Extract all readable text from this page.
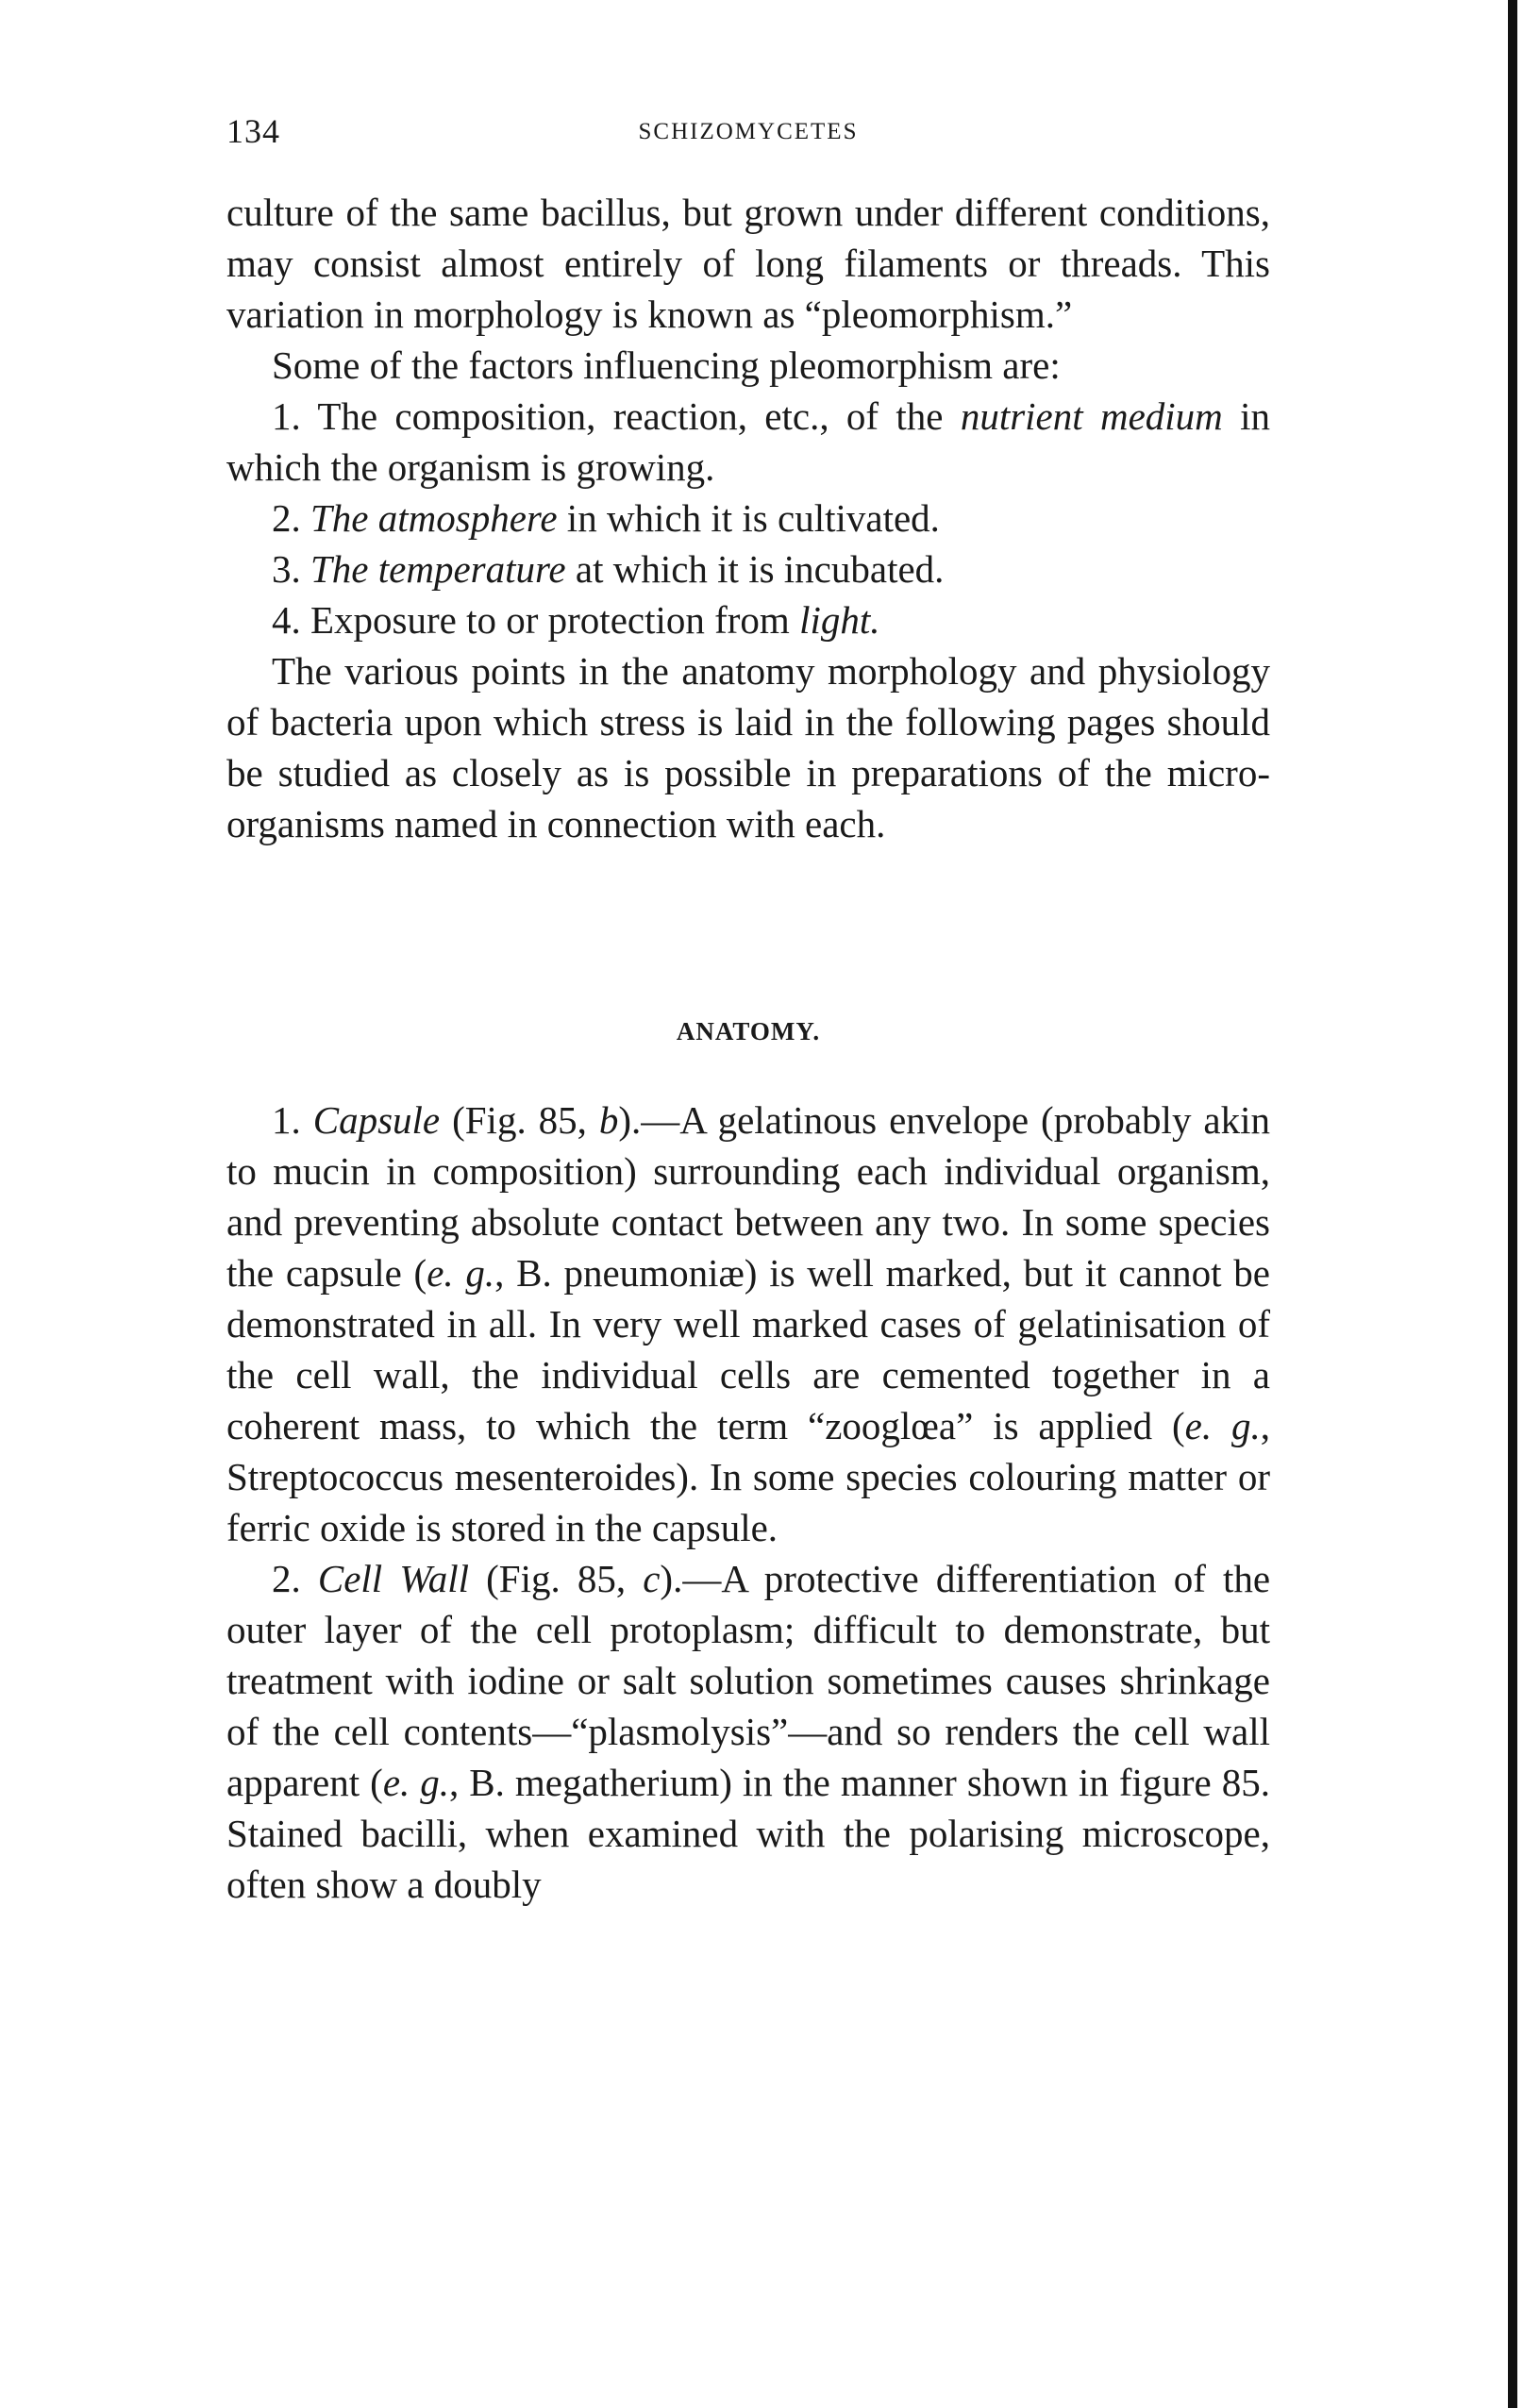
134	SCHIZOMYCETES

culture of the same bacillus, but grown under different conditions, may consist almost entirely of long filaments or threads. This variation in morphology is known as “pleomorphism.”

Some of the factors influencing pleomorphism are:

1. The composition, reaction, etc., of the nutrient medium in which the organism is growing.

2. The atmosphere in which it is cultivated.

3. The temperature at which it is incubated.

4. Exposure to or protection from light.

The various points in the anatomy morphology and physiology of bacteria upon which stress is laid in the following pages should be studied as closely as is possible in preparations of the micro-organisms named in connection with each.

ANATOMY.

1. Capsule (Fig. 85, b).—A gelatinous envelope (probably akin to mucin in composition) surrounding each individual organism, and preventing absolute contact between any two. In some species the capsule (e. g., B. pneumoniæ) is well marked, but it cannot be demonstrated in all. In very well marked cases of gelatinisation of the cell wall, the individual cells are cemented together in a coherent mass, to which the term “zooglœa” is applied (e. g., Streptococcus mesenteroides). In some species colouring matter or ferric oxide is stored in the capsule.

2. Cell Wall (Fig. 85, c).—A protective differentiation of the outer layer of the cell protoplasm; difficult to demonstrate, but treatment with iodine or salt solution sometimes causes shrinkage of the cell contents—“plasmolysis”—and so renders the cell wall apparent (e. g., B. megatherium) in the manner shown in figure 85. Stained bacilli, when examined with the polarising microscope, often show a doubly
